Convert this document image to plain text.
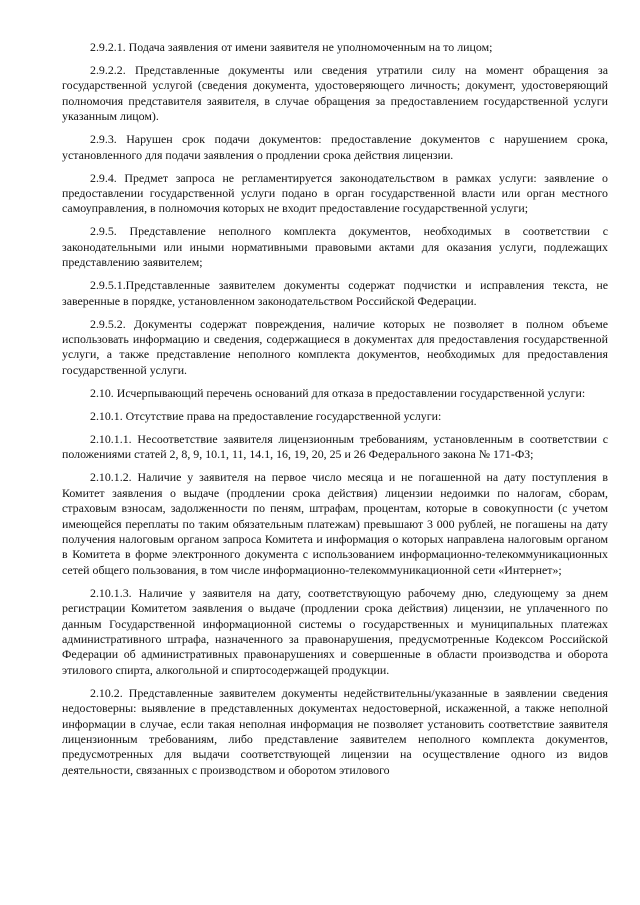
2.9.2.1. Подача заявления от имени заявителя не уполномоченным на то лицом;

2.9.2.2. Представленные документы или сведения утратили силу на момент обращения за государственной услугой (сведения документа, удостоверяющего личность; документ, удостоверяющий полномочия представителя заявителя, в случае обращения за предоставлением государственной услуги указанным лицом).

2.9.3. Нарушен срок подачи документов: предоставление документов с нарушением срока, установленного для подачи заявления о продлении срока действия лицензии.

2.9.4. Предмет запроса не регламентируется законодательством в рамках услуги: заявление о предоставлении государственной услуги подано в орган государственной власти или орган местного самоуправления, в полномочия которых не входит предоставление государственной услуги;

2.9.5. Представление неполного комплекта документов, необходимых в соответствии с законодательными или иными нормативными правовыми актами для оказания услуги, подлежащих представлению заявителем;

2.9.5.1.Представленные заявителем документы содержат подчистки и исправления текста, не заверенные в порядке, установленном законодательством Российской Федерации.

2.9.5.2. Документы содержат повреждения, наличие которых не позволяет в полном объеме использовать информацию и сведения, содержащиеся в документах для предоставления государственной услуги, а также представление неполного комплекта документов, необходимых для предоставления государственной услуги.

2.10. Исчерпывающий перечень оснований для отказа в предоставлении государственной услуги:

2.10.1. Отсутствие права на предоставление государственной услуги:

2.10.1.1. Несоответствие заявителя лицензионным требованиям, установленным в соответствии с положениями статей 2, 8, 9, 10.1, 11, 14.1, 16, 19, 20, 25 и 26 Федерального закона № 171-ФЗ;

2.10.1.2. Наличие у заявителя на первое число месяца и не погашенной на дату поступления в Комитет заявления о выдаче (продлении срока действия) лицензии недоимки по налогам, сборам, страховым взносам, задолженности по пеням, штрафам, процентам, которые в совокупности (с учетом имеющейся переплаты по таким обязательным платежам) превышают 3 000 рублей, не погашены на дату получения налоговым органом запроса Комитета и информация о которых направлена налоговым органом в Комитета в форме электронного документа с использованием информационно-телекоммуникационных сетей общего пользования, в том числе информационно-телекоммуникационной сети «Интернет»;

2.10.1.3. Наличие у заявителя на дату, соответствующую рабочему дню, следующему за днем регистрации Комитетом заявления о выдаче (продлении срока действия) лицензии, не уплаченного по данным Государственной информационной системы о государственных и муниципальных платежах административного штрафа, назначенного за правонарушения, предусмотренные Кодексом Российской Федерации об административных правонарушениях и совершенные в области производства и оборота этилового спирта, алкогольной и спиртосодержащей продукции.

2.10.2. Представленные заявителем документы недействительны/указанные в заявлении сведения недостоверны: выявление в представленных документах недостоверной, искаженной, а также неполной информации в случае, если такая неполная информация не позволяет установить соответствие заявителя лицензионным требованиям, либо представление заявителем неполного комплекта документов, предусмотренных для выдачи соответствующей лицензии на осуществление одного из видов деятельности, связанных с производством и оборотом этилового
